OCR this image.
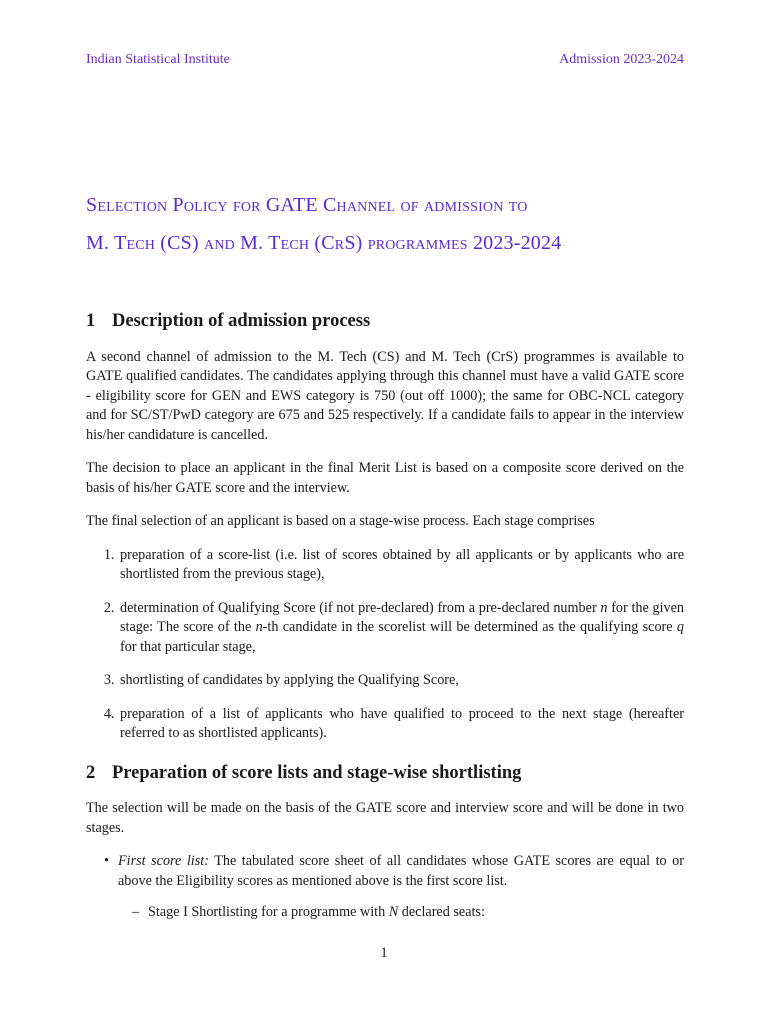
Indian Statistical Institute	Admission 2023-2024
Selection Policy for GATE Channel of admission to
M. Tech (CS) and M. Tech (CrS) programmes 2023-2024
1 Description of admission process

A second channel of admission to the M. Tech (CS) and M. Tech (CrS) programmes is available to GATE qualified candidates. The candidates applying through this channel must have a valid GATE score - eligibility score for GEN and EWS category is 750 (out off 1000); the same for OBC-NCL category and for SC/ST/PwD category are 675 and 525 respectively. If a candidate fails to appear in the interview his/her candidature is cancelled.

The decision to place an applicant in the final Merit List is based on a composite score derived on the basis of his/her GATE score and the interview.

The final selection of an applicant is based on a stage-wise process. Each stage comprises

1. preparation of a score-list (i.e. list of scores obtained by all applicants or by applicants who are shortlisted from the previous stage),
2. determination of Qualifying Score (if not pre-declared) from a pre-declared number n for the given stage: The score of the n-th candidate in the scorelist will be determined as the qualifying score q for that particular stage,
3. shortlisting of candidates by applying the Qualifying Score,
4. preparation of a list of applicants who have qualified to proceed to the next stage (hereafter referred to as shortlisted applicants).
2 Preparation of score lists and stage-wise shortlisting

The selection will be made on the basis of the GATE score and interview score and will be done in two stages.

• First score list: The tabulated score sheet of all candidates whose GATE scores are equal to or above the Eligibility scores as mentioned above is the first score list.
– Stage I Shortlisting for a programme with N declared seats:
1
